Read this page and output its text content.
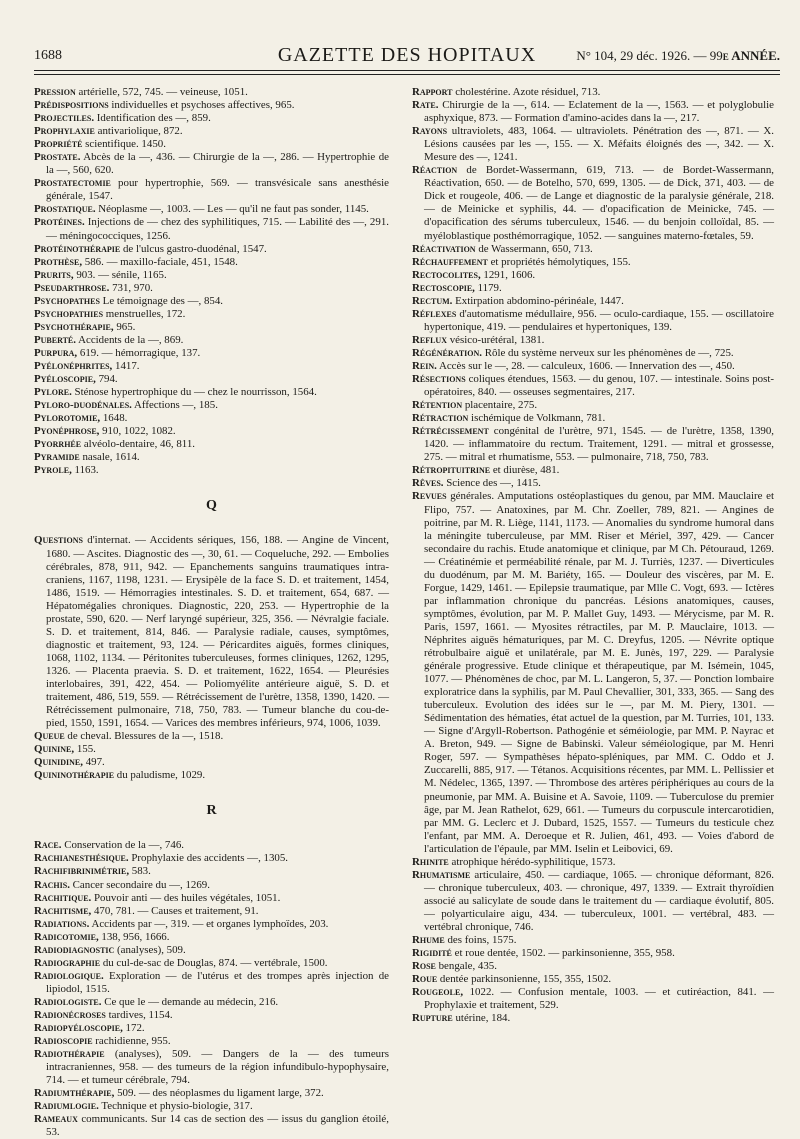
1688	GAZETTE DES HOPITAUX	N° 104, 29 déc. 1926. — 99e ANNÉE.

Pression artérielle, 572, 745. — veineuse, 1051.

Prédispositions individuelles et psychoses affectives, 965.

Projectiles. Identification des —, 859.

Prophylaxie antivariolique, 872.

Propriété scientifique. 1450.

Prostate. Abcès de la —, 436. — Chirurgie de la —, 286. — Hypertrophie de la —, 560, 620.

Prostatectomie pour hypertrophie, 569. — transvésicale sans anesthésie générale, 1547.

Prostatique. Néoplasme —, 1003. — Les — qu'il ne faut pas sonder, 1145.

Protéines. Injections de — chez des syphilitiques, 715. — Labilité des —, 291. — méningococciques, 1256.

Protéinothérapie de l'ulcus gastro-duodénal, 1547.

Prothèse, 586. — maxillo-faciale, 451, 1548.

Prurits, 903. — sénile, 1165.

Pseudarthrose. 731, 970.

Psychopathes Le témoignage des —, 854.

Psychopathies menstruelles, 172.

Psychothérapie, 965.

Puberté. Accidents de la —, 869.

Purpura, 619. — hémorragique, 137.

Pyélonéphrites, 1417.

Pyéloscopie, 794.

Pylore. Sténose hypertrophique du — chez le nourrisson, 1564.

Pyloro-duodénales. Affections —, 185.

Pylorotomie, 1648.

Pyonéphrose, 910, 1022, 1082.

Pyorrhée alvéolo-dentaire, 46, 811.

Pyramide nasale, 1614.

Pyrole, 1163.

Q

Questions d'internat. — Accidents sériques, 156, 188. — Angine de Vincent, 1680. — Ascites. Diagnostic des —, 30, 61. — Coqueluche, 292. — Embolies cérébrales, 878, 911, 942. — Epanchements sanguins traumatiques intra-craniens, 1167, 1198, 1231. — Erysipèle de la face S. D. et traitement, 1454, 1486, 1519. — Hémorragies intestinales. S. D. et traitement, 654, 687. — Hépatomégalies chroniques. Diagnostic, 220, 253. — Hypertrophie de la prostate, 590, 620. — Nerf laryngé supérieur, 325, 356. — Névralgie faciale. S. D. et traitement, 814, 846. — Paralysie radiale, causes, symptômes, diagnostic et traitement, 93, 124. — Péricardites aiguës, formes cliniques, 1068, 1102, 1134. — Péritonites tuberculeuses, formes cliniques, 1262, 1295, 1326. — Placenta praevia. S. D. et traitement, 1622, 1654. — Pleurésies interlobaires, 391, 422, 454. — Poliomyélite antérieure aiguë, S. D. et traitement, 486, 519, 559. — Rétrécissement de l'urètre, 1358, 1390, 1420. — Rétrécissement pulmonaire, 718, 750, 783. — Tumeur blanche du cou-de-pied, 1550, 1591, 1654. — Varices des membres inférieurs, 974, 1006, 1039.

Queue de cheval. Blessures de la —, 1518.

Quinine, 155.

Quinidine, 497.

Quininothérapie du paludisme, 1029.

R

Race. Conservation de la —, 746.

Rachianesthésique. Prophylaxie des accidents —, 1305.

Rachifibrinimétrie, 583.

Rachis. Cancer secondaire du —, 1269.

Rachitique. Pouvoir anti — des huiles végétales, 1051.

Rachitisme, 470, 781. — Causes et traitement, 91.

Radiations. Accidents par —, 319. — et organes lymphoïdes, 203.

Radicotomie, 138, 956, 1666.

Radiodiagnostic (analyses), 509.

Radiographie du cul-de-sac de Douglas, 874. — vertébrale, 1500.

Radiologique. Exploration — de l'utérus et des trompes après injection de lipiodol, 1515.

Radiologiste. Ce que le — demande au médecin, 216.

Radionécroses tardives, 1154.

Radiopyéloscopie, 172.

Radioscopie rachidienne, 955.

Radiothérapie (analyses), 509. — Dangers de la — des tumeurs intracraniennes, 958. — des tumeurs de la région infundibulo-hypophysaire, 714. — et tumeur cérébrale, 794.

Radiumthérapie, 509. — des néoplasmes du ligament large, 372.

Radiumlogie. Technique et physio-biologie, 317.

Rameaux communicants. Sur 14 cas de section des — issus du ganglion étoilé, 53.

Rapport cholestérine. Azote résiduel, 713.

Rate. Chirurgie de la —, 614. — Eclatement de la —, 1563. — et polyglobulie asphyxique, 873. — Formation d'amino-acides dans la —, 217.

Rayons ultraviolets, 483, 1064. — ultraviolets. Pénétration des —, 871. — X. Lésions causées par les —, 155. — X. Méfaits éloignés des —, 342. — X. Mesure des —, 1241.

Réaction de Bordet-Wassermann, 619, 713. — de Bordet-Wassermann, Réactivation, 650. — de Botelho, 570, 699, 1305. — de Dick, 371, 403. — de Dick et rougeole, 406. — de Lange et diagnostic de la paralysie générale, 218. — de Meinicke et syphilis, 44. — d'opacification de Meinicke, 745. — d'opacification des sérums tuberculeux, 1546. — du benjoin colloïdal, 85. — myéloblastique posthémorragique, 1052. — sanguines materno-fœtales, 59.

Réactivation de Wassermann, 650, 713.

Réchauffement et propriétés hémolytiques, 155.

Rectocolites, 1291, 1606.

Rectoscopie, 1179.

Rectum. Extirpation abdomino-périnéale, 1447.

Réflexes d'automatisme médullaire, 956. — oculo-cardiaque, 155. — oscillatoire hypertonique, 419. — pendulaires et hypertoniques, 139.

Reflux vésico-urétéral, 1381.

Régénération. Rôle du système nerveux sur les phénomènes de —, 725.

Rein. Accès sur le —, 28. — calculeux, 1606. — Innervation des —, 450.

Résections coliques étendues, 1563. — du genou, 107. — intestinale. Soins post-opératoires, 840. — osseuses segmentaires, 217.

Rétention placentaire, 275.

Rétraction ischémique de Volkmann, 781.

Rétrécissement congénital de l'urètre, 971, 1545. — de l'urètre, 1358, 1390, 1420. — inflammatoire du rectum. Traitement, 1291. — mitral et grossesse, 275. — mitral et rhumatisme, 553. — pulmonaire, 718, 750, 783.

Rétropituitrine et diurèse, 481.

Rêves. Science des —, 1415.

Revues générales. Amputations ostéoplastiques du genou, par MM. Mauclaire et Flipo, 757. — Anatoxines, par M. Chr. Zoeller, 789, 821. — Angines de poitrine, par M. R. Liège, 1141, 1173. — Anomalies du syndrome humoral dans la méningite tuberculeuse, par MM. Riser et Mériel, 397, 429. — Cancer secondaire du rachis. Etude anatomique et clinique, par M Ch. Pétouraud, 1269. — Créatinémie et perméabilité rénale, par M. J. Turriès, 1237. — Diverticules du duodénum, par M. M. Bariéty, 165. — Douleur des viscères, par M. E. Forgue, 1429, 1461. — Epilepsie traumatique, par Mlle C. Vogt, 693. — Ictères par inflammation chronique du pancréas. Lésions anatomiques, causes, symptômes, évolution, par M. P. Mallet Guy, 1493. — Mérycisme, par M. R. Paris, 1597, 1661. — Myosites rétractiles, par M. P. Mauclaire, 1013. — Néphrites aiguës hématuriques, par M. C. Dreyfus, 1205. — Névrite optique rétrobulbaire aiguë et unilatérale, par M. E. Junès, 197, 229. — Paralysie générale progressive. Etude clinique et thérapeutique, par M. Isémein, 1045, 1077. — Phénomènes de choc, par M. L. Langeron, 5, 37. — Ponction lombaire exploratrice dans la syphilis, par M. Paul Chevallier, 301, 333, 365. — Sang des tuberculeux. Evolution des idées sur le —, par M. M. Piery, 1301. — Sédimentation des hématies, état actuel de la question, par M. Turries, 101, 133. — Signe d'Argyll-Robertson. Pathogénie et séméiologie, par MM. P. Nayrac et A. Breton, 949. — Signe de Babinski. Valeur séméiologique, par M. Henri Roger, 597. — Sympathèses hépato-spléniques, par MM. C. Oddo et J. Zuccarelli, 885, 917. — Tétanos. Acquisitions récentes, par MM. L. Pellissier et M. Nédelec, 1365, 1397. — Thrombose des artères périphériques au cours de la pneumonie, par MM. A. Buisine et A. Savoie, 1109. — Tuberculose du premier âge, par M. Jean Rathelot, 629, 661. — Tumeurs du corpuscule intercarotidien, par MM. G. Leclerc et J. Dubard, 1525, 1557. — Tumeurs du testicule chez l'enfant, par MM. A. Deroeque et R. Julien, 461, 493. — Voies d'abord de l'articulation de l'épaule, par MM. Iselin et Leibovici, 69.

Rhinite atrophique hérédo-syphilitique, 1573.

Rhumatisme articulaire, 450. — cardiaque, 1065. — chronique déformant, 826. — chronique tuberculeux, 403. — chronique, 497, 1339. — Extrait thyroïdien associé au salicylate de soude dans le traitement du — cardiaque évolutif, 805. — polyarticulaire aigu, 434. — tuberculeux, 1001. — vertébral, 483. — vertébral chronique, 746.

Rhume des foins, 1575.

Rigidité et roue dentée, 1502. — parkinsonienne, 355, 958.

Rose bengale, 435.

Roue dentée parkinsonienne, 155, 355, 1502.

Rougeole, 1022. — Confusion mentale, 1003. — et cutiréaction, 841. — Prophylaxie et traitement, 529.

Rupture utérine, 184.
